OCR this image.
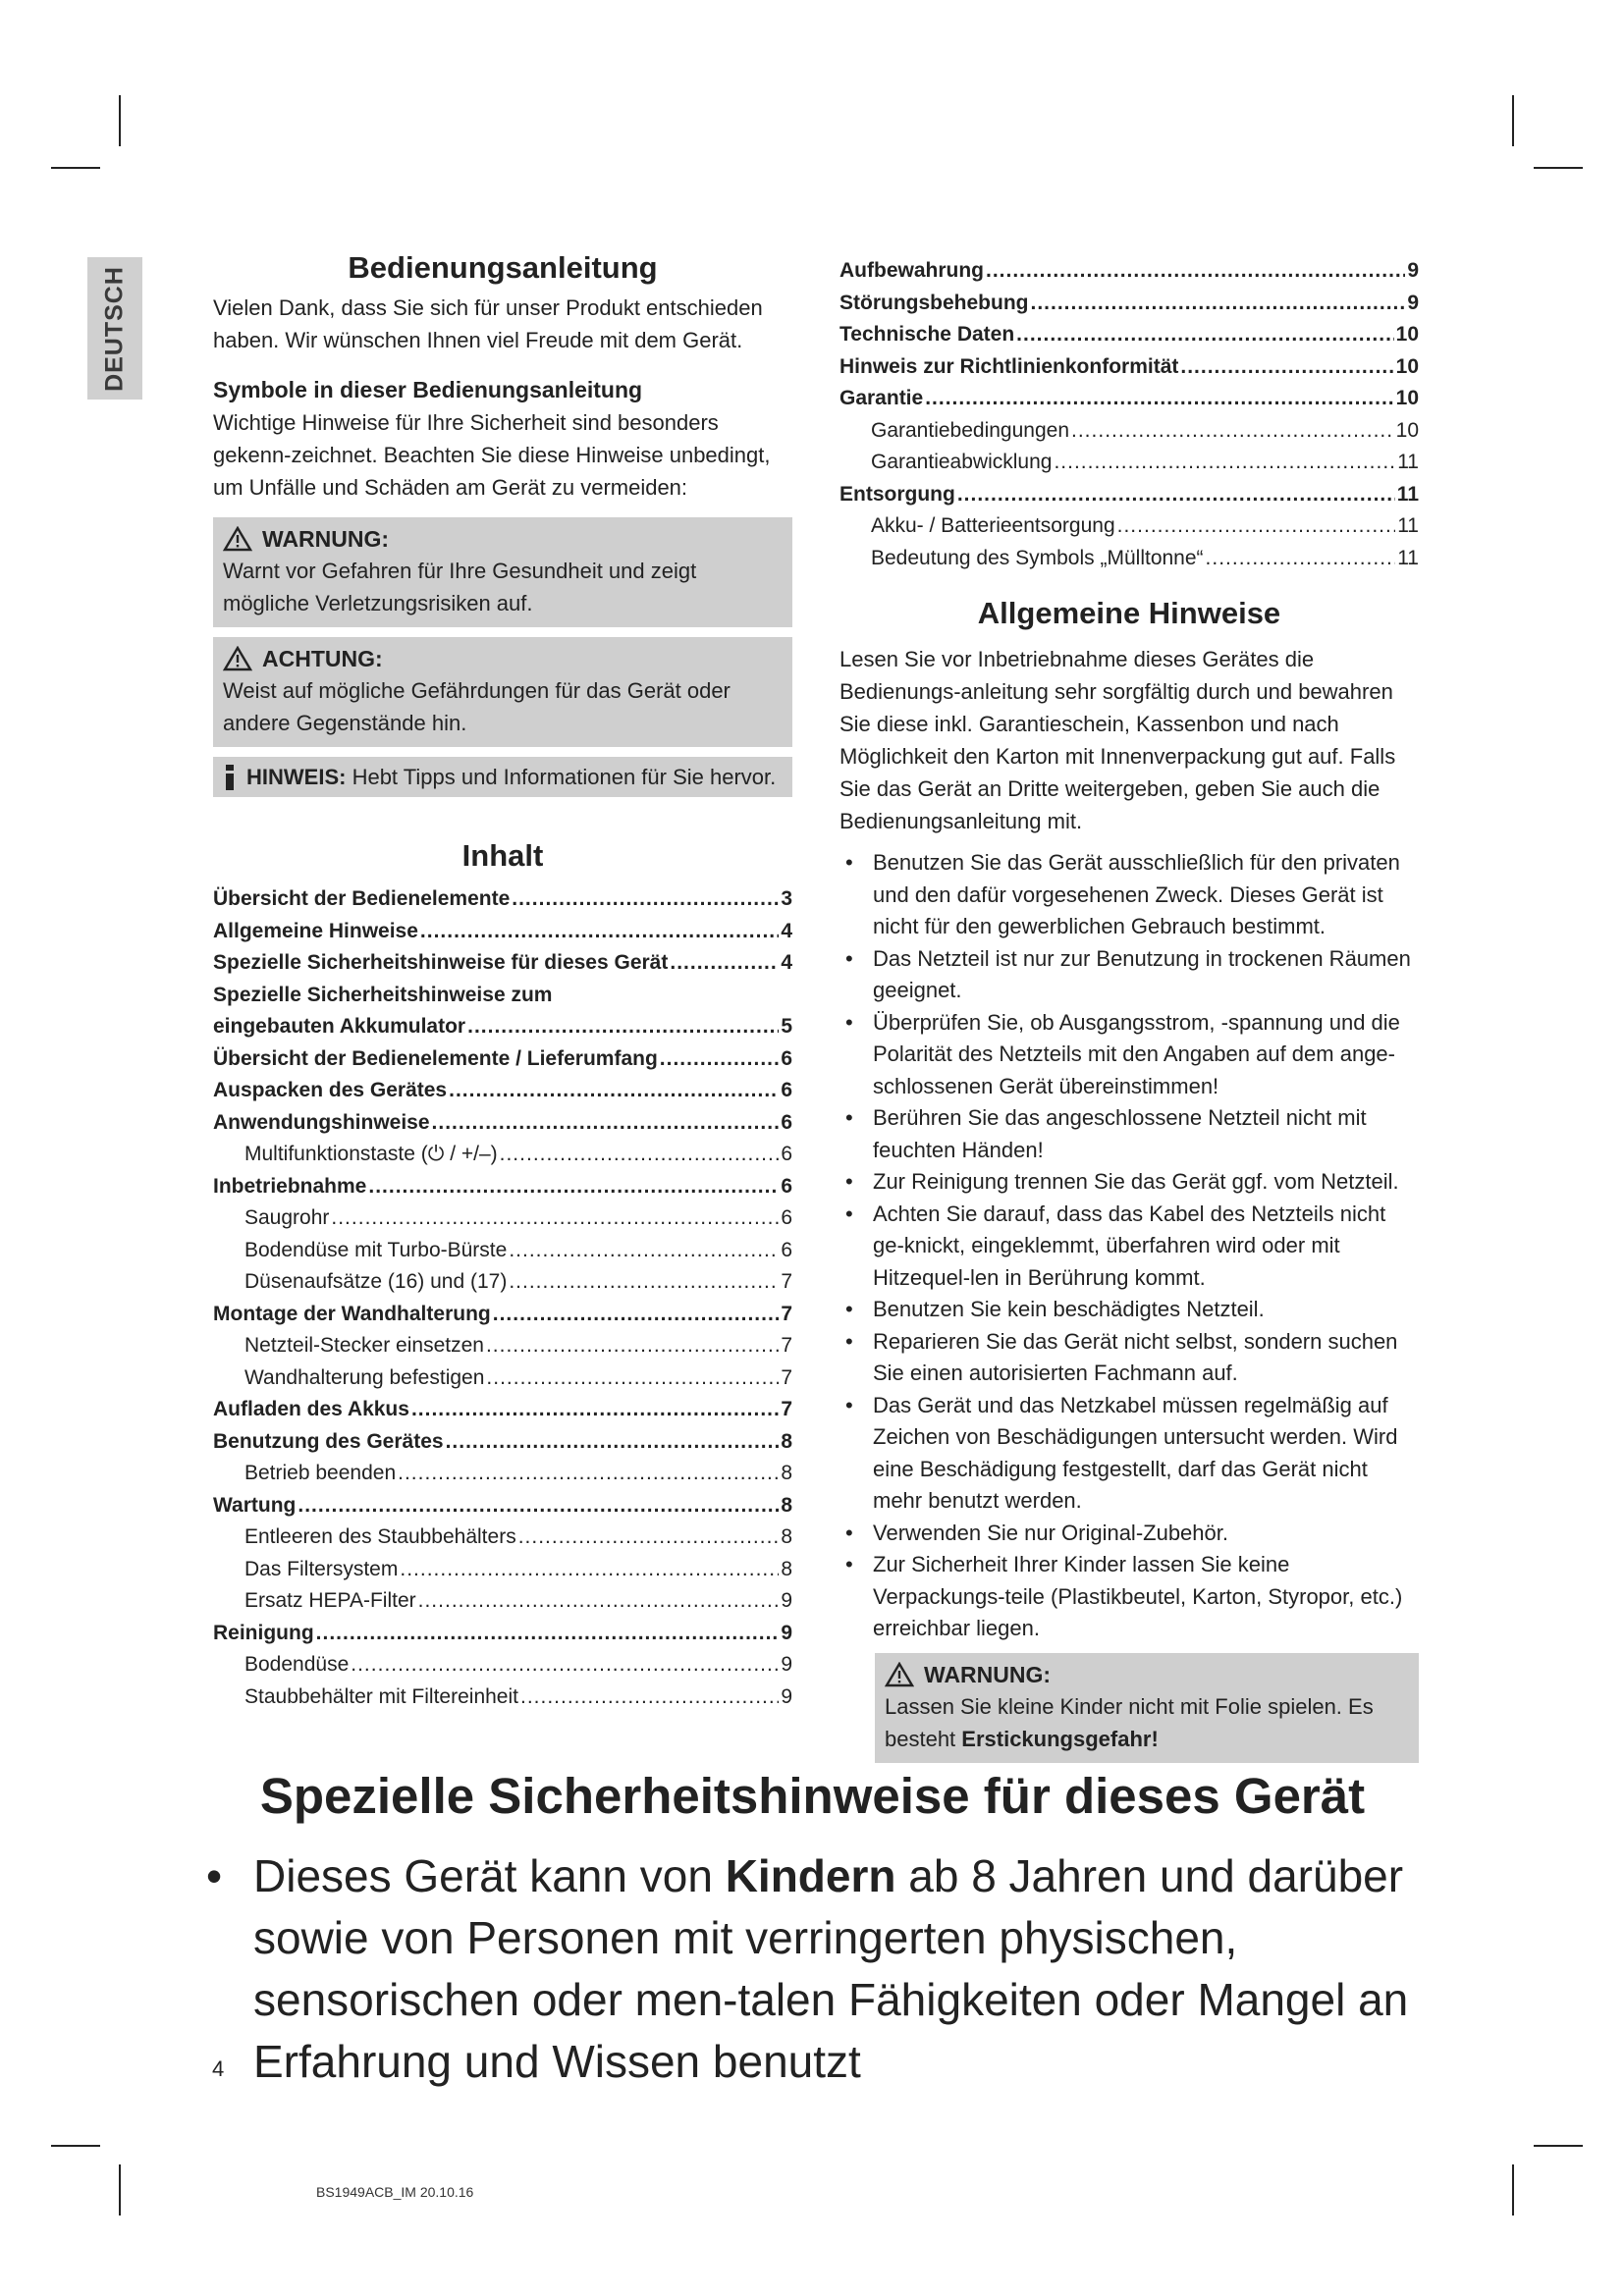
DEUTSCH	Bedienungsanleitung

Vielen Dank, dass Sie sich für unser Produkt entschieden haben. Wir wünschen Ihnen viel Freude mit dem Gerät.

Symbole in dieser Bedienungsanleitung

Wichtige Hinweise für Ihre Sicherheit sind besonders gekenn-zeichnet. Beachten Sie diese Hinweise unbedingt, um Unfälle und Schäden am Gerät zu vermeiden:

WARNUNG:

Warnt vor Gefahren für Ihre Gesundheit und zeigt mögliche Verletzungsrisiken auf.

ACHTUNG:

Weist auf mögliche Gefährdungen für das Gerät oder andere Gegenstände hin.

HINWEIS: Hebt Tipps und Informationen für Sie hervor.
Inhalt
Übersicht der Bedienelemente .....	3
Allgemeine Hinweise .....	4
Spezielle Sicherheitshinweise für dieses Gerät .....	4
Spezielle Sicherheitshinweise zum
eingebauten Akkumulator .....	5
Übersicht der Bedienelemente / Lieferumfang .....	6
Auspacken des Gerätes .....	6
Anwendungshinweise .....	6
Multifunktionstaste (⏻ / +/–) .....	6
Inbetriebnahme .....	6
Saugrohr .....	6
Bodendüse mit Turbo-Bürste .....	6
Düsenaufsätze (16) und (17) .....	7
Montage der Wandhalterung .....	7
Netzteil-Stecker einsetzen .....	7
Wandhalterung befestigen .....	7
Aufladen des Akkus .....	7
Benutzung des Gerätes .....	8
Betrieb beenden .....	8
Wartung .....	8
Entleeren des Staubbehälters .....	8
Das Filtersystem .....	8
Ersatz HEPA-Filter .....	9
Reinigung .....	9
Bodendüse .....	9
Staubbehälter mit Filtereinheit .....	9
Aufbewahrung .....	9
Störungsbehebung .....	9
Technische Daten .....	10
Hinweis zur Richtlinienkonformität .....	10
Garantie .....	10
Garantiebedingungen .....	10
Garantieabwicklung .....	11
Entsorgung .....	11
Akku- / Batterieentsorgung .....	11
Bedeutung des Symbols „Mülltonne“ .....	11
Allgemeine Hinweise

Lesen Sie vor Inbetriebnahme dieses Gerätes die Bedienungs-anleitung sehr sorgfältig durch und bewahren Sie diese inkl. Garantieschein, Kassenbon und nach Möglichkeit den Karton mit Innenverpackung gut auf. Falls Sie das Gerät an Dritte weitergeben, geben Sie auch die Bedienungsanleitung mit.

• Benutzen Sie das Gerät ausschließlich für den privaten und den dafür vorgesehenen Zweck. Dieses Gerät ist nicht für den gewerblichen Gebrauch bestimmt.
• Das Netzteil ist nur zur Benutzung in trockenen Räumen geeignet.
• Überprüfen Sie, ob Ausgangsstrom, -spannung und die Polarität des Netzteils mit den Angaben auf dem ange-schlossenen Gerät übereinstimmen!
• Berühren Sie das angeschlossene Netzteil nicht mit feuchten Händen!
• Zur Reinigung trennen Sie das Gerät ggf. vom Netzteil.
• Achten Sie darauf, dass das Kabel des Netzteils nicht ge-knickt, eingeklemmt, überfahren wird oder mit Hitzequel-len in Berührung kommt.
• Benutzen Sie kein beschädigtes Netzteil.
• Reparieren Sie das Gerät nicht selbst, sondern suchen Sie einen autorisierten Fachmann auf.
• Das Gerät und das Netzkabel müssen regelmäßig auf Zeichen von Beschädigungen untersucht werden. Wird eine Beschädigung festgestellt, darf das Gerät nicht mehr benutzt werden.
• Verwenden Sie nur Original-Zubehör.
• Zur Sicherheit Ihrer Kinder lassen Sie keine Verpackungs-teile (Plastikbeutel, Karton, Styropor, etc.) erreichbar liegen.
WARNUNG:

Lassen Sie kleine Kinder nicht mit Folie spielen. Es besteht Erstickungsgefahr!

Spezielle Sicherheitshinweise für dieses Gerät
• Dieses Gerät kann von Kindern ab 8 Jahren und darüber sowie von Personen mit verringerten physischen, sensorischen oder men-talen Fähigkeiten oder Mangel an Erfahrung und Wissen benutzt
4
BS1949ACB_IM 20.10.16
